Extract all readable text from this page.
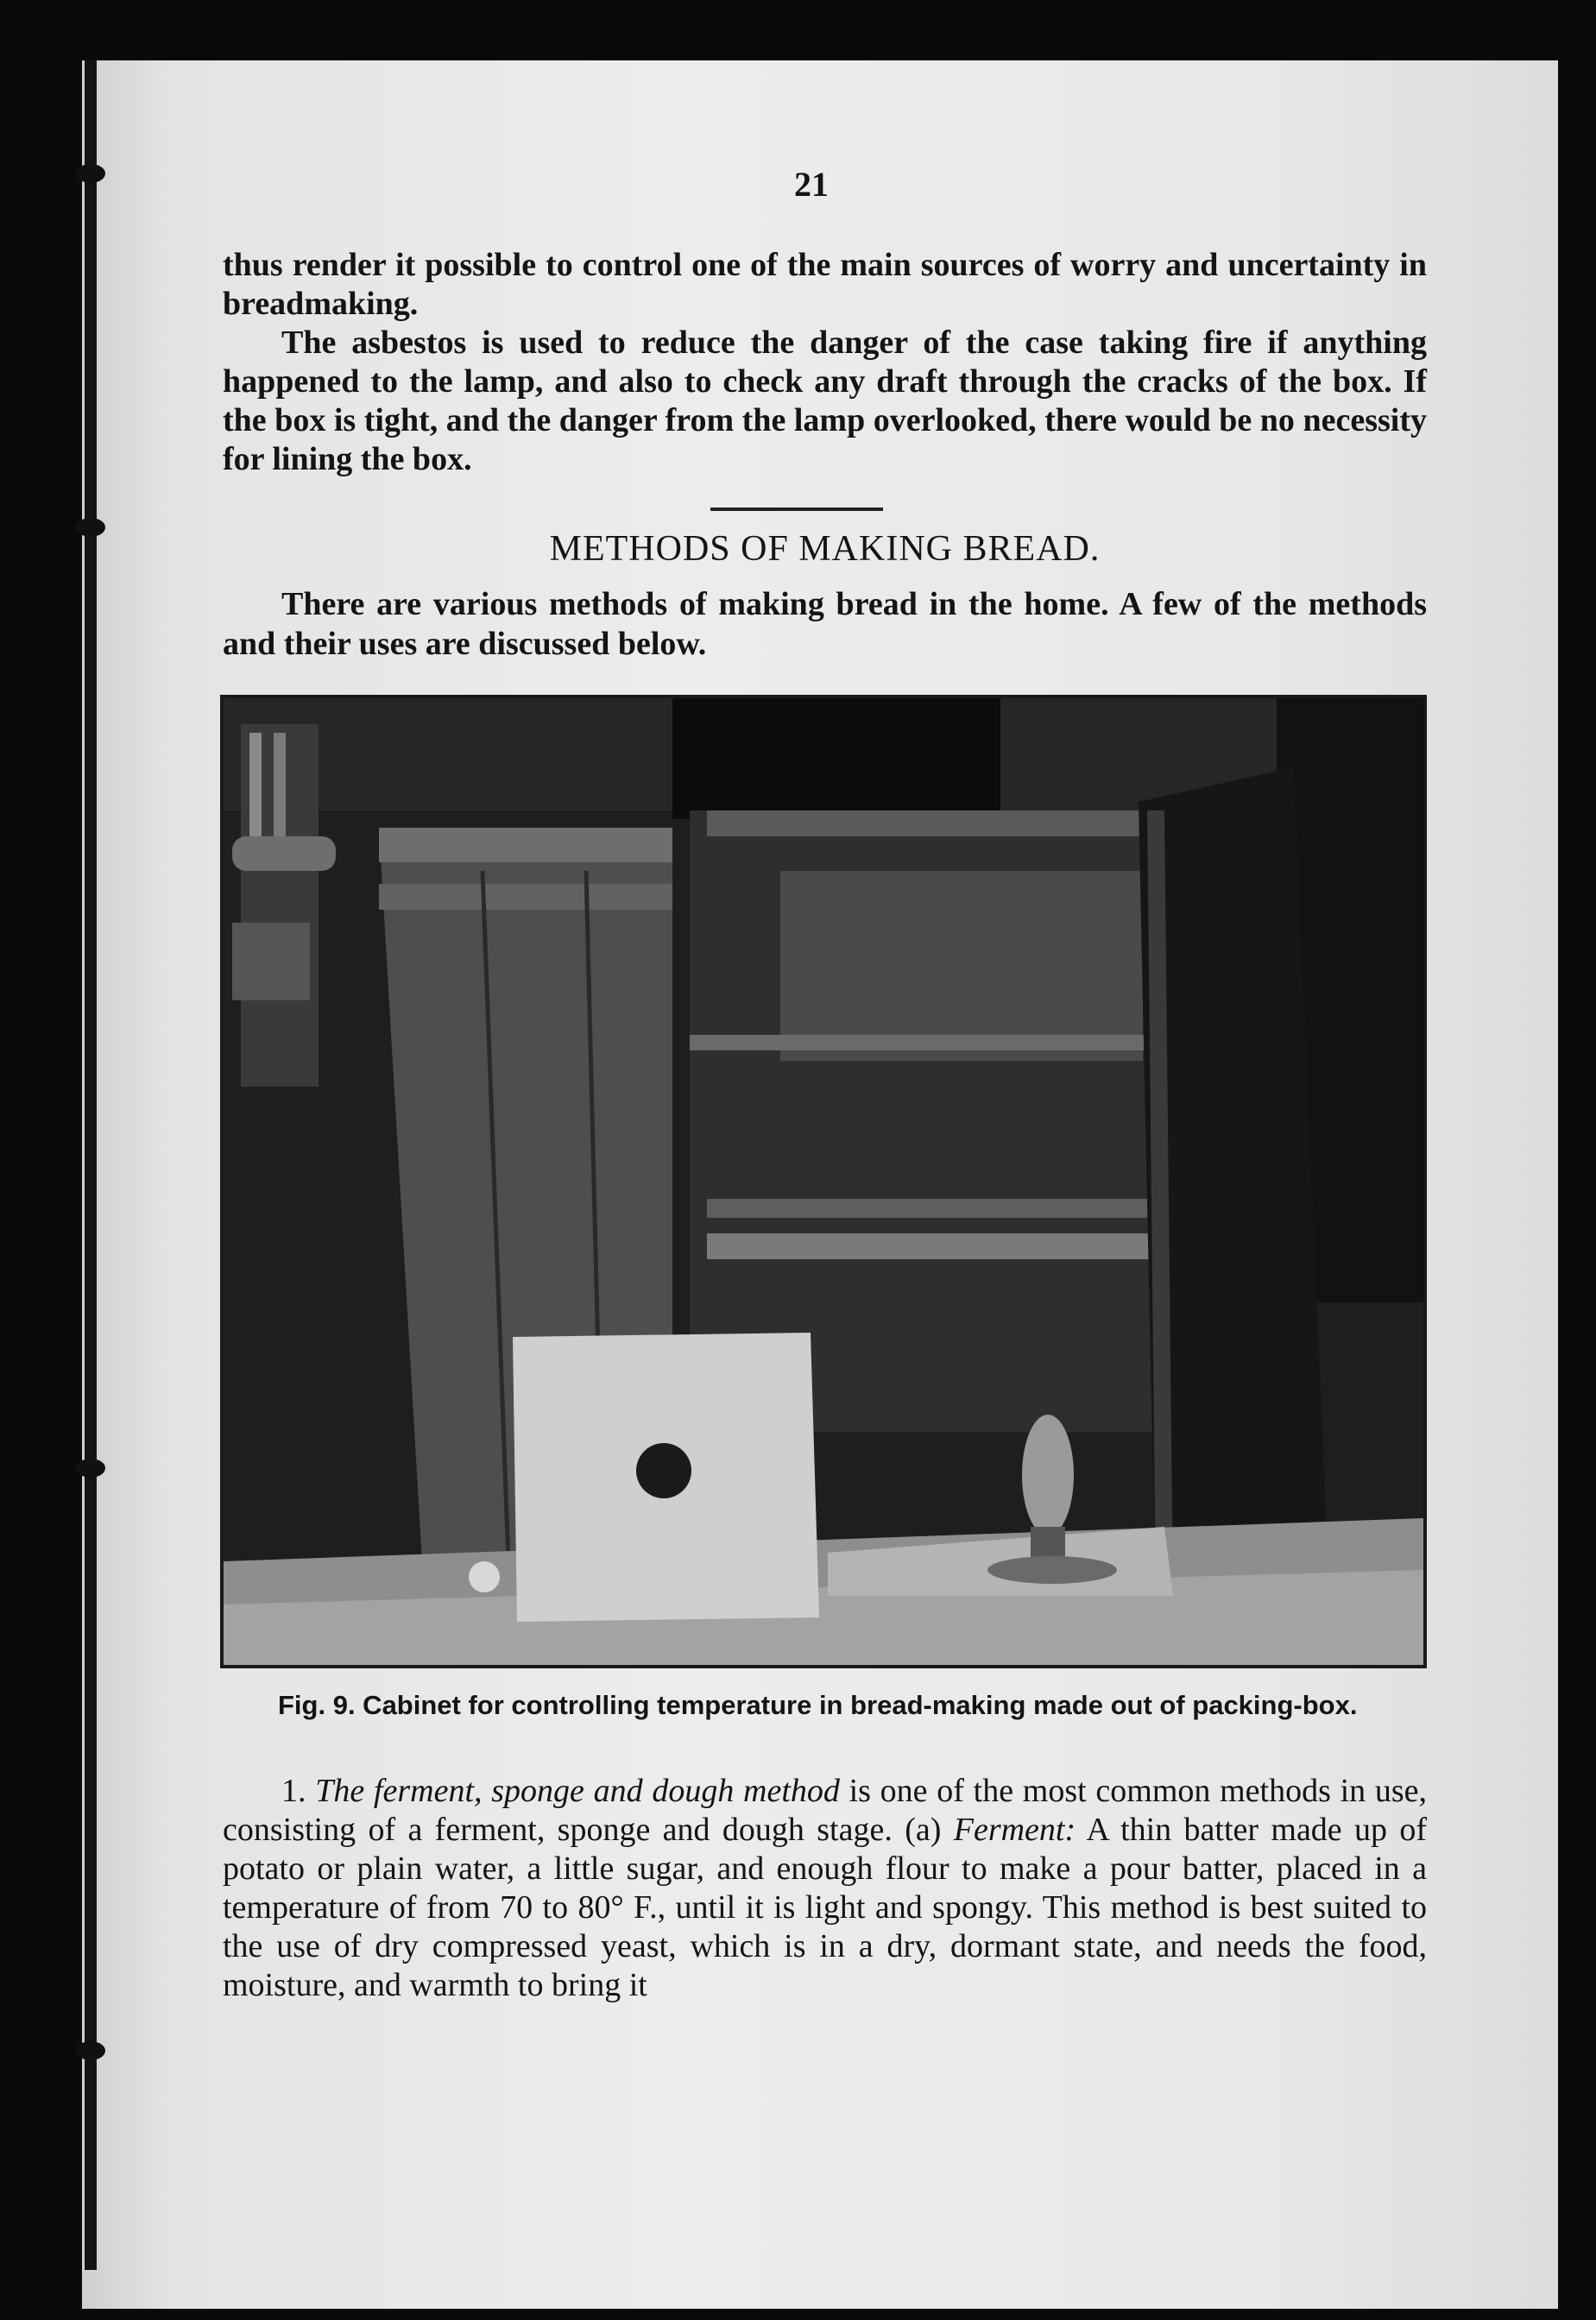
21

thus render it possible to control one of the main sources of worry and uncertainty in breadmaking.

The asbestos is used to reduce the danger of the case taking fire if anything happened to the lamp, and also to check any draft through the cracks of the box. If the box is tight, and the danger from the lamp overlooked, there would be no necessity for lining the box.

METHODS OF MAKING BREAD.
There are various methods of making bread in the home. A few of the methods and their uses are discussed below.
Fig. 9. Cabinet for controlling temperature in bread-making made out of packing-box.
1. The ferment, sponge and dough method is one of the most common methods in use, consisting of a ferment, sponge and dough stage. (a) Ferment: A thin batter made up of potato or plain water, a little sugar, and enough flour to make a pour batter, placed in a temperature of from 70 to 80° F., until it is light and spongy. This method is best suited to the use of dry compressed yeast, which is in a dry, dormant state, and needs the food, moisture, and warmth to bring it
